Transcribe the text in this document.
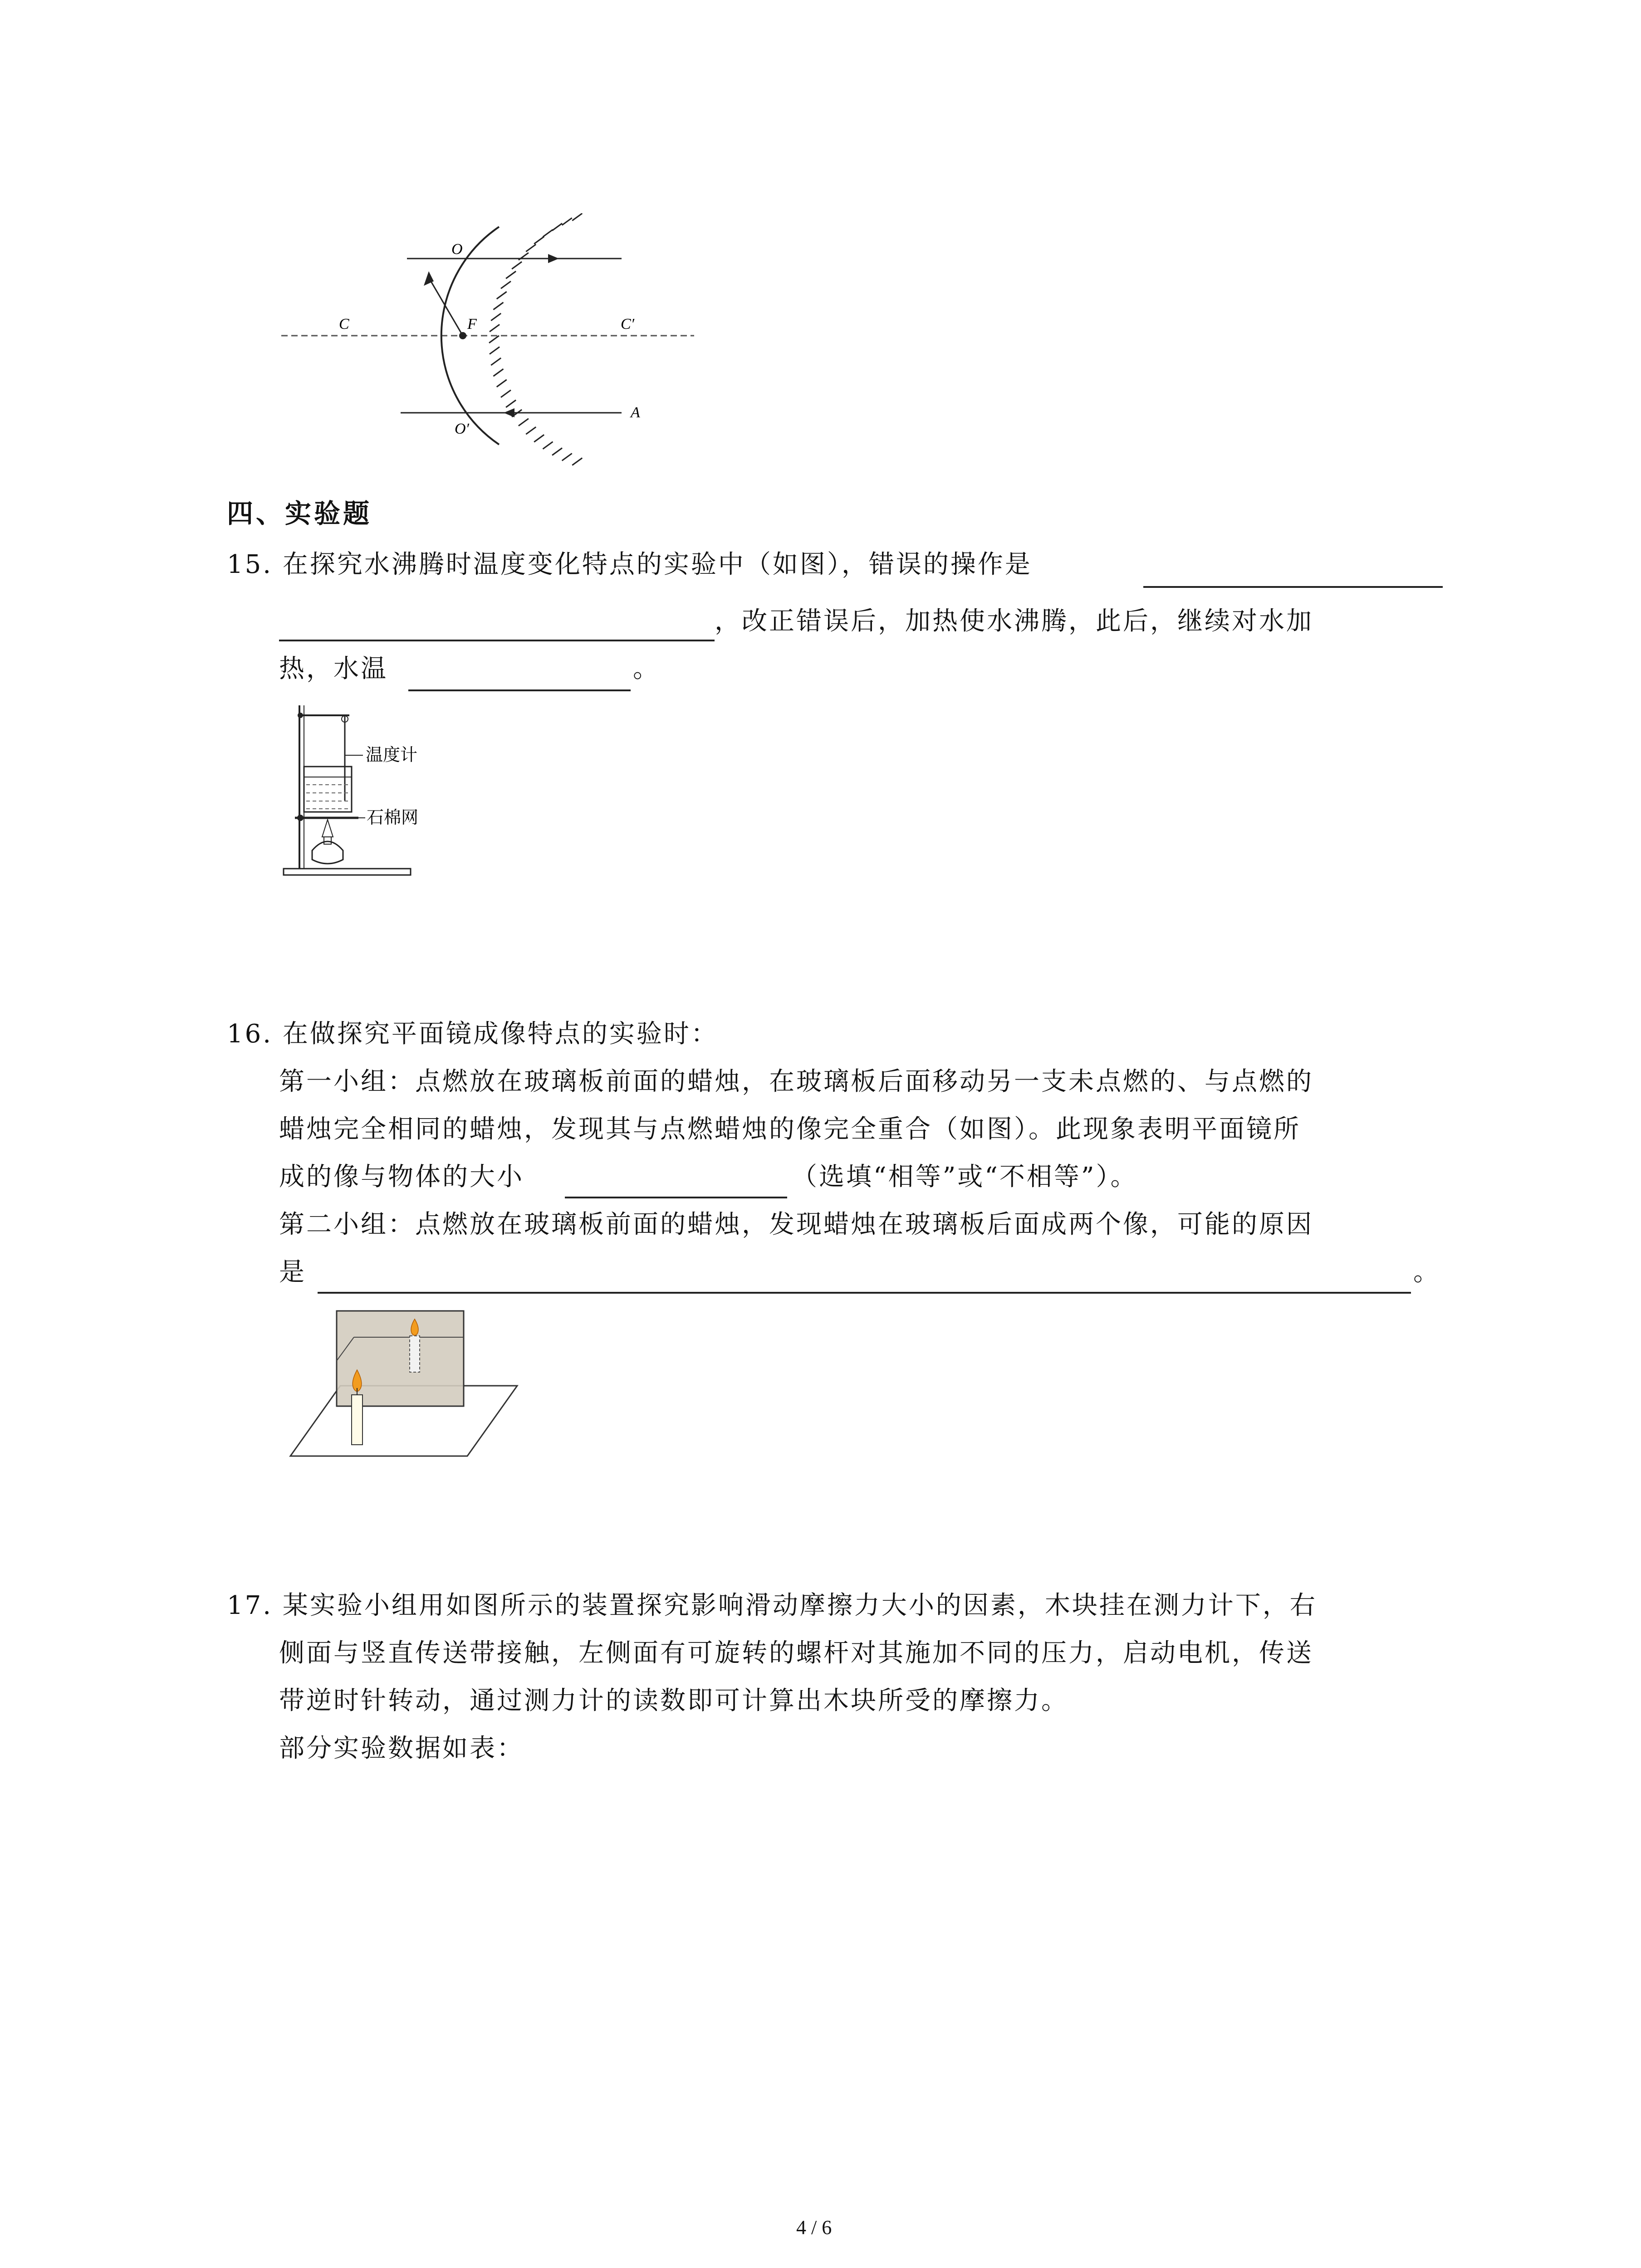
O
F
C	C′
O′
A
四、实验题
15. 在探究水沸腾时温度变化特点的实验中（如图），错误的操作是
，改正错误后，加热使水沸腾，此后，继续对水加
热，水温	。
温度计
石棉网
16. 在做探究平面镜成像特点的实验时：
第一小组：点燃放在玻璃板前面的蜡烛，在玻璃板后面移动另一支未点燃的、与点燃的
蜡烛完全相同的蜡烛，发现其与点燃蜡烛的像完全重合（如图）。此现象表明平面镜所
成的像与物体的大小	（选填“相等”或“不相等”）。
第二小组：点燃放在玻璃板前面的蜡烛，发现蜡烛在玻璃板后面成两个像，可能的原因
是	。
17. 某实验小组用如图所示的装置探究影响滑动摩擦力大小的因素，木块挂在测力计下，右
侧面与竖直传送带接触，左侧面有可旋转的螺杆对其施加不同的压力，启动电机，传送
带逆时针转动，通过测力计的读数即可计算出木块所受的摩擦力。
部分实验数据如表：
4 / 6
